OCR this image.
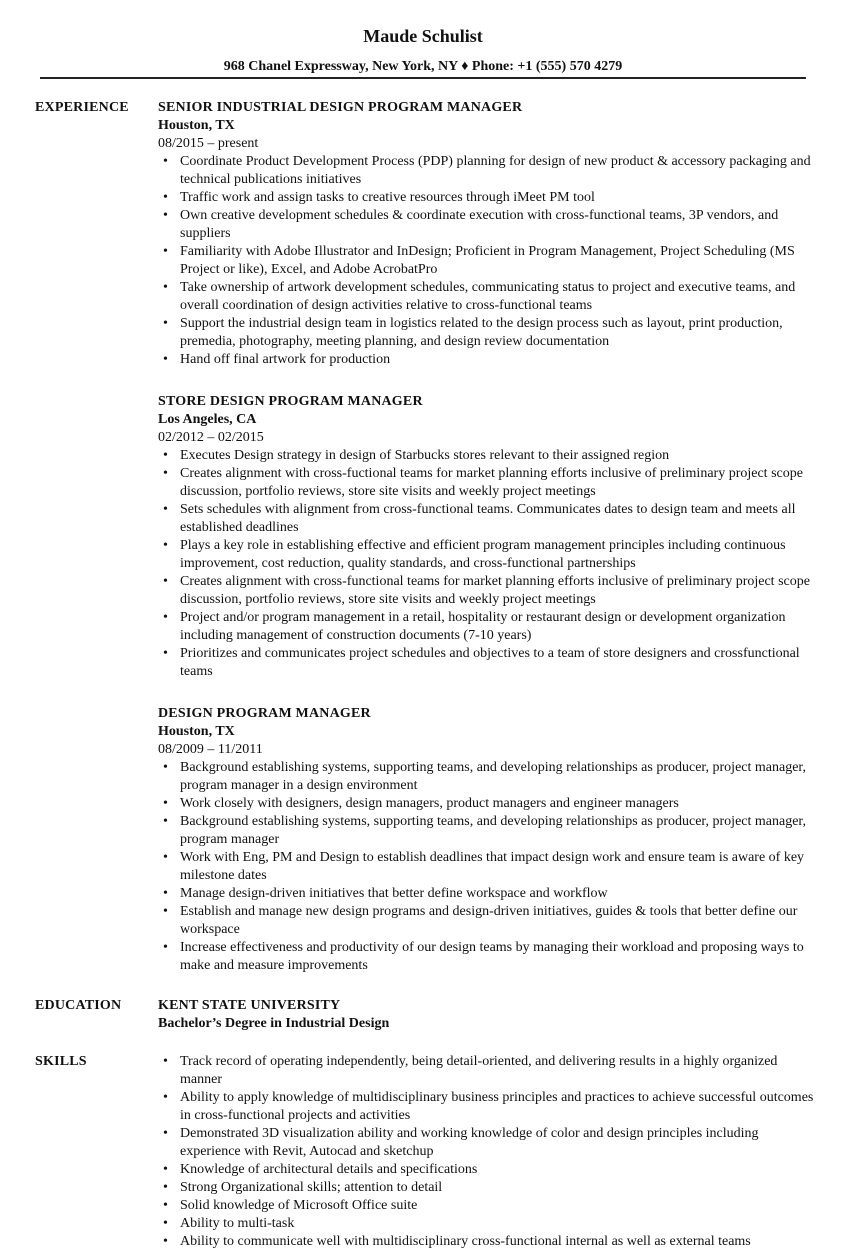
Maude Schulist
968 Chanel Expressway, New York, NY ♦ Phone: +1 (555) 570 4279
EXPERIENCE SENIOR INDUSTRIAL DESIGN PROGRAM MANAGER
Houston, TX
08/2015 – present
• Coordinate Product Development Process (PDP) planning for design of new product & accessory packaging and technical publications initiatives
• Traffic work and assign tasks to creative resources through iMeet PM tool
• Own creative development schedules & coordinate execution with cross-functional teams, 3P vendors, and suppliers
• Familiarity with Adobe Illustrator and InDesign; Proficient in Program Management, Project Scheduling (MS Project or like), Excel, and Adobe AcrobatPro
• Take ownership of artwork development schedules, communicating status to project and executive teams, and overall coordination of design activities relative to cross-functional teams
• Support the industrial design team in logistics related to the design process such as layout, print production, premedia, photography, meeting planning, and design review documentation
• Hand off final artwork for production
STORE DESIGN PROGRAM MANAGER
Los Angeles, CA
02/2012 – 02/2015
• Executes Design strategy in design of Starbucks stores relevant to their assigned region
• Creates alignment with cross-fuctional teams for market planning efforts inclusive of preliminary project scope discussion, portfolio reviews, store site visits and weekly project meetings
• Sets schedules with alignment from cross-functional teams. Communicates dates to design team and meets all established deadlines
• Plays a key role in establishing effective and efficient program management principles including continuous improvement, cost reduction, quality standards, and cross-functional partnerships
• Creates alignment with cross-functional teams for market planning efforts inclusive of preliminary project scope discussion, portfolio reviews, store site visits and weekly project meetings
• Project and/or program management in a retail, hospitality or restaurant design or development organization including management of construction documents (7-10 years)
• Prioritizes and communicates project schedules and objectives to a team of store designers and crossfunctional teams
DESIGN PROGRAM MANAGER
Houston, TX
08/2009 – 11/2011
• Background establishing systems, supporting teams, and developing relationships as producer, project manager, program manager in a design environment
• Work closely with designers, design managers, product managers and engineer managers
• Background establishing systems, supporting teams, and developing relationships as producer, project manager, program manager
• Work with Eng, PM and Design to establish deadlines that impact design work and ensure team is aware of key milestone dates
• Manage design-driven initiatives that better define workspace and workflow
• Establish and manage new design programs and design-driven initiatives, guides & tools that better define our workspace
• Increase effectiveness and productivity of our design teams by managing their workload and proposing ways to make and measure improvements
EDUCATION	KENT STATE UNIVERSITY
Bachelor’s Degree in Industrial Design
SKILLS
•	Track record of operating independently, being detail-oriented, and delivering results in a highly organized manner
• Ability to apply knowledge of multidisciplinary business principles and practices to achieve successful outcomes in cross-functional projects and activities
• Demonstrated 3D visualization ability and working knowledge of color and design principles including experience with Revit, Autocad and sketchup
• Knowledge of architectural details and specifications
• Strong Organizational skills; attention to detail
• Solid knowledge of Microsoft Office suite
• Ability to multi-task
• Ability to communicate well with multidisciplinary cross-functional internal as well as external teams
